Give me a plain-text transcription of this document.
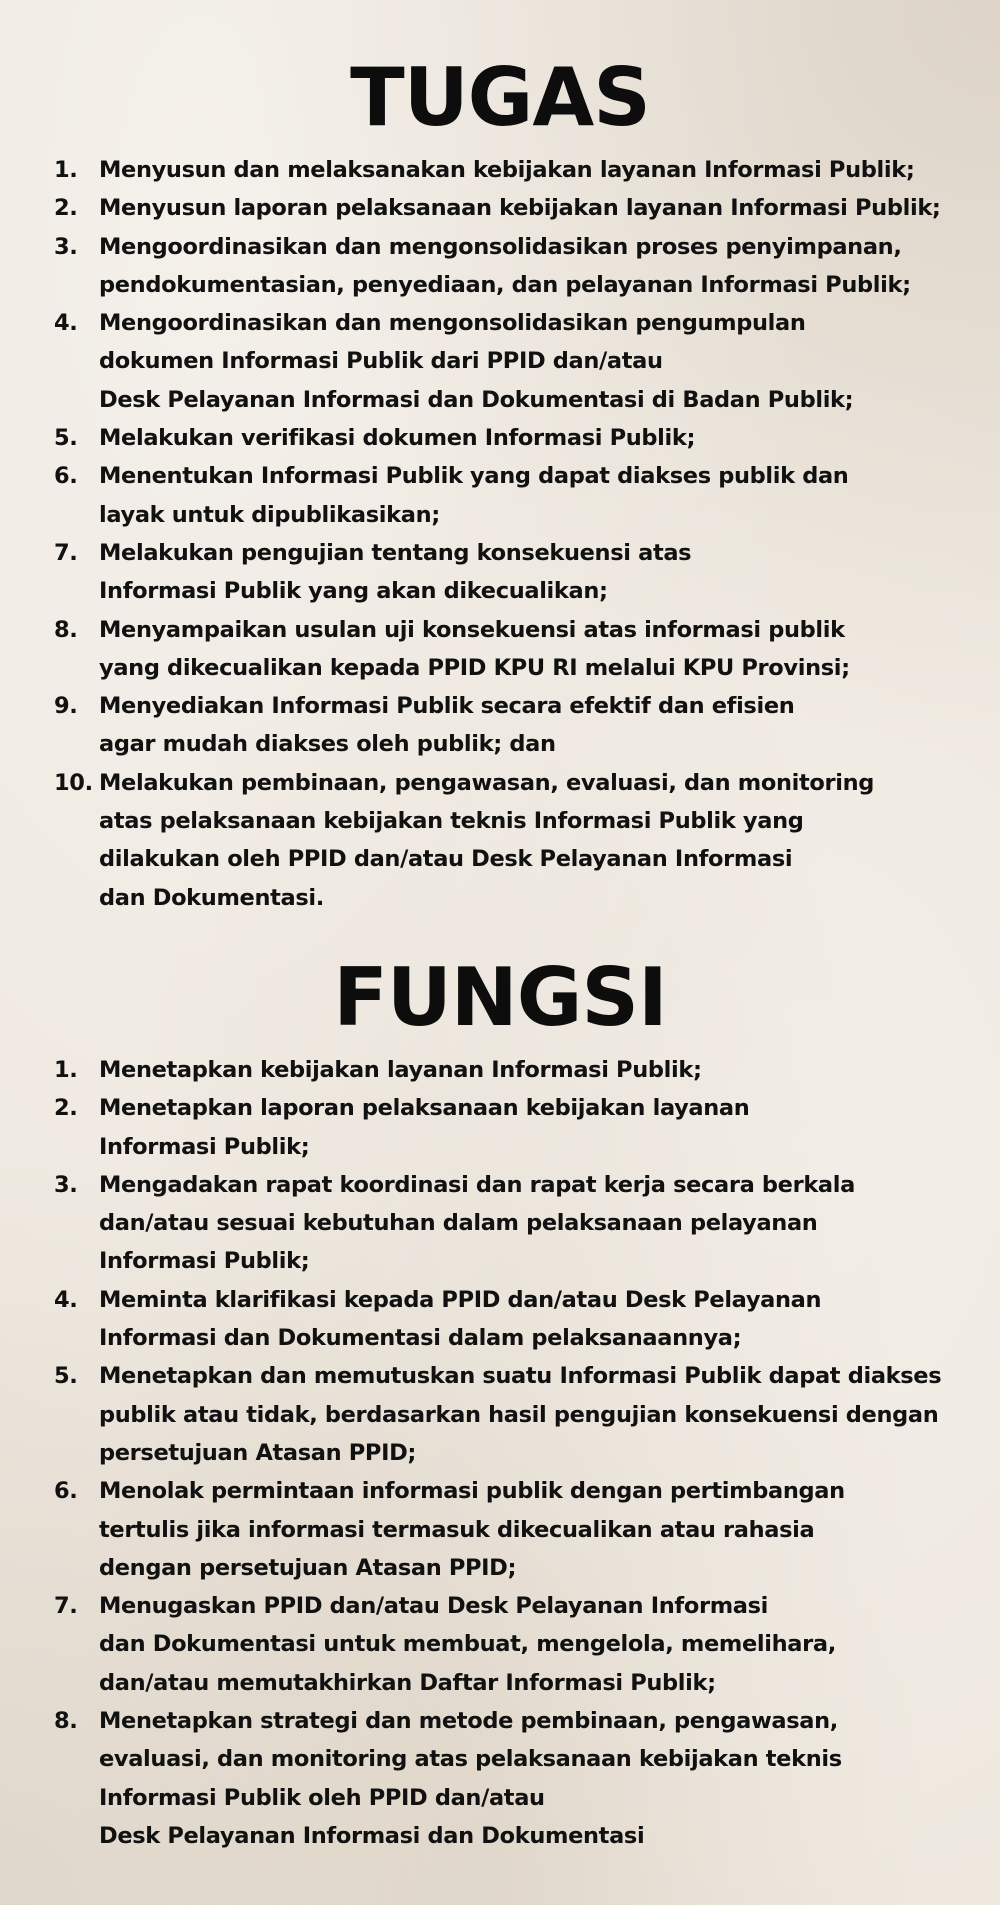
TUGAS
1. Menyusun dan melaksanakan kebijakan layanan Informasi Publik;
2. Menyusun laporan pelaksanaan kebijakan layanan Informasi Publik;
3. Mengoordinasikan dan mengonsolidasikan proses penyimpanan,
pendokumentasian, penyediaan, dan pelayanan Informasi Publik;
4. Mengoordinasikan dan mengonsolidasikan pengumpulan
dokumen Informasi Publik dari PPID dan/atau
Desk Pelayanan Informasi dan Dokumentasi di Badan Publik;
5. Melakukan verifikasi dokumen Informasi Publik;
6. Menentukan Informasi Publik yang dapat diakses publik dan
layak untuk dipublikasikan;
7. Melakukan pengujian tentang konsekuensi atas
Informasi Publik yang akan dikecualikan;
8. Menyampaikan usulan uji konsekuensi atas informasi publik
yang dikecualikan kepada PPID KPU RI melalui KPU Provinsi;
9. Menyediakan Informasi Publik secara efektif dan efisien
agar mudah diakses oleh publik; dan
10. Melakukan pembinaan, pengawasan, evaluasi, dan monitoring
atas pelaksanaan kebijakan teknis Informasi Publik yang
dilakukan oleh PPID dan/atau Desk Pelayanan Informasi
dan Dokumentasi.
FUNGSI
1. Menetapkan kebijakan layanan Informasi Publik;
2. Menetapkan laporan pelaksanaan kebijakan layanan
Informasi Publik;
3. Mengadakan rapat koordinasi dan rapat kerja secara berkala
dan/atau sesuai kebutuhan dalam pelaksanaan pelayanan
Informasi Publik;
4. Meminta klarifikasi kepada PPID dan/atau Desk Pelayanan
Informasi dan Dokumentasi dalam pelaksanaannya;
5. Menetapkan dan memutuskan suatu Informasi Publik dapat diakses
publik atau tidak, berdasarkan hasil pengujian konsekuensi dengan
persetujuan Atasan PPID;
6. Menolak permintaan informasi publik dengan pertimbangan
tertulis jika informasi termasuk dikecualikan atau rahasia
dengan persetujuan Atasan PPID;
7. Menugaskan PPID dan/atau Desk Pelayanan Informasi
dan Dokumentasi untuk membuat, mengelola, memelihara,
dan/atau memutakhirkan Daftar Informasi Publik;
8. Menetapkan strategi dan metode pembinaan, pengawasan,
evaluasi, dan monitoring atas pelaksanaan kebijakan teknis
Informasi Publik oleh PPID dan/atau
Desk Pelayanan Informasi dan Dokumentasi
